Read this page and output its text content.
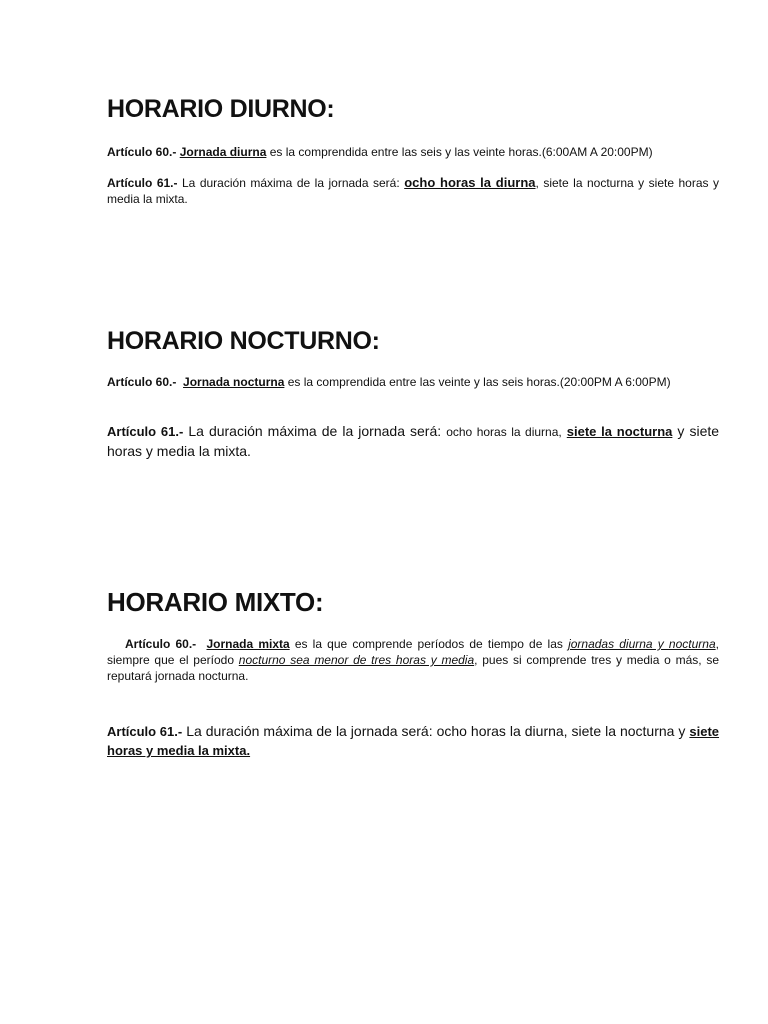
HORARIO DIURNO:

Artículo 60.- Jornada diurna es la comprendida entre las seis y las veinte horas.(6:00AM A 20:00PM)

Artículo 61.- La duración máxima de la jornada será: ocho horas la diurna, siete la nocturna y siete horas y media la mixta.

HORARIO NOCTURNO:

Artículo 60.- Jornada nocturna es la comprendida entre las veinte y las seis horas.(20:00PM A 6:00PM)

Artículo 61.- La duración máxima de la jornada será: ocho horas la diurna, siete la nocturna y siete horas y media la mixta.

HORARIO MIXTO:

Artículo 60.- Jornada mixta es la que comprende períodos de tiempo de las jornadas diurna y nocturna, siempre que el período nocturno sea menor de tres horas y media, pues si comprende tres y media o más, se reputará jornada nocturna.

Artículo 61.- La duración máxima de la jornada será: ocho horas la diurna, siete la nocturna y siete horas y media la mixta.
